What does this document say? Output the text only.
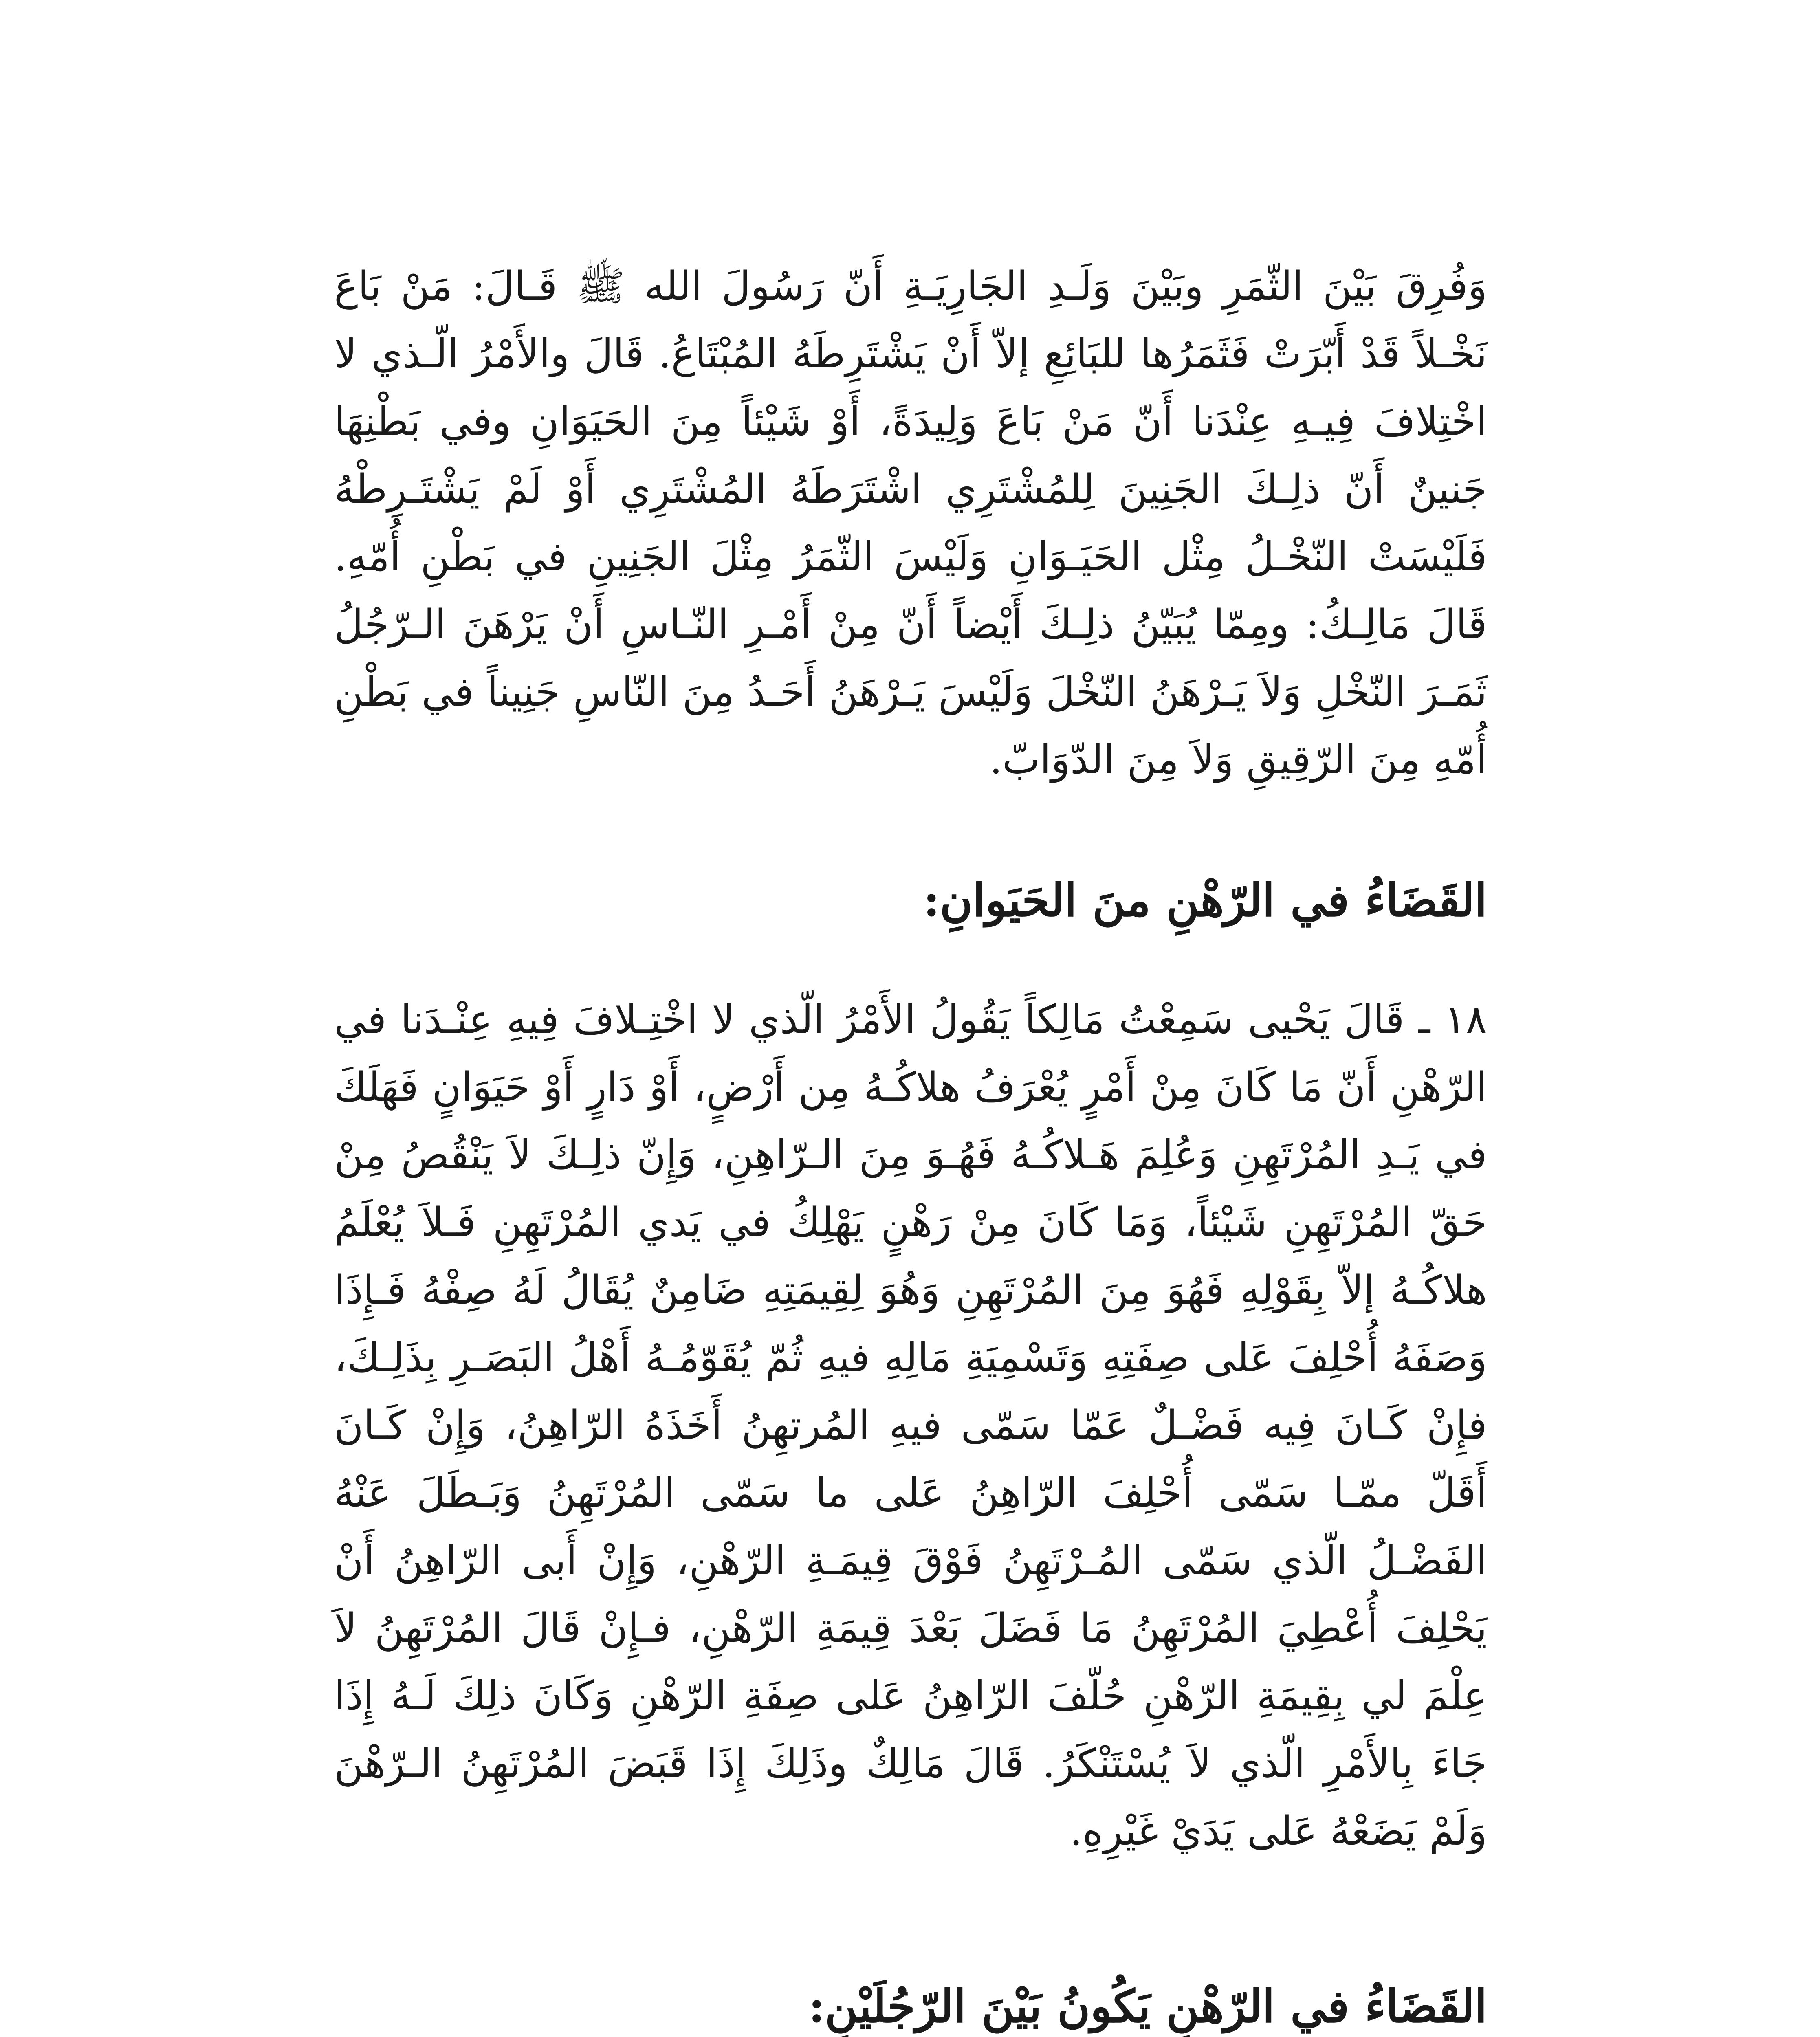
وَفُرِقَ بَيْنَ الثّمَرِ وبَيْنَ وَلَـدِ الجَارِيَـةِ أَنّ رَسُولَ الله ﷺ قَـالَ: مَنْ بَاعَ نَخْـلاً قَدْ أَبّرَتْ فَثَمَرُها للبَائِعِ إلاّ أَنْ يَشْتَرِطَهُ المُبْتَاعُ. قَالَ والأَمْرُ الّـذي لا اخْتِلافَ فِيـهِ عِنْدَنا أَنّ مَنْ بَاعَ وَلِيدَةً، أَوْ شَيْئاً مِنَ الحَيَوَانِ وفي بَطْنِهَا جَنينٌ أَنّ ذلِـكَ الجَنِينَ لِلمُشْتَرِي اشْتَرَطَهُ المُشْتَرِي أَوْ لَمْ يَشْتَـرِطْهُ فَلَيْسَتْ النّخْـلُ مِثْل الحَيَـوَانِ وَلَيْسَ الثّمَرُ مِثْلَ الجَنِينِ في بَطْنِ أُمّهِ. قَالَ مَالِـكُ: ومِمّا يُبَيّنُ ذلِـكَ أَيْضاً أَنّ مِنْ أَمْـرِ النّـاسِ أَنْ يَرْهَنَ الـرّجُلُ ثَمَـرَ النّخْلِ وَلاَ يَـرْهَنُ النّخْلَ وَلَيْسَ يَـرْهَنُ أَحَـدُ مِنَ النّاسِ جَنِيناً في بَطْنِ أُمّهِ مِنَ الرّقِيقِ وَلاَ مِنَ الدّوَابّ.

القَضَاءُ في الرّهْنِ منَ الحَيَوانِ:

١٨ ـ قَالَ يَحْيى سَمِعْتُ مَالِكاً يَقُولُ الأَمْرُ الّذي لا اخْتِـلافَ فِيهِ عِنْـدَنا في الرّهْنِ أَنّ مَا كَانَ مِنْ أَمْرٍ يُعْرَفُ هلاكُـهُ مِن أَرْضٍ، أَوْ دَارٍ أَوْ حَيَوَانٍ فَهَلَكَ في يَـدِ المُرْتَهِنِ وَعُلِمَ هَـلاكُـهُ فَهُـوَ مِنَ الـرّاهِنِ، وَإِنّ ذلِـكَ لاَ يَنْقُصُ مِنْ حَقّ المُرْتَهِنِ شَيْئاً، وَمَا كَانَ مِنْ رَهْنٍ يَهْلِكُ في يَدي المُرْتَهِنِ فَـلاَ يُعْلَمُ هلاكُـهُ إلاّ بِقَوْلِهِ فَهُوَ مِنَ المُرْتَهِنِ وَهُوَ لِقِيمَتِهِ ضَامِنٌ يُقَالُ لَهُ صِفْهُ فَـإِذَا وَصَفَهُ أُحْلِفَ عَلى صِفَتِهِ وَتَسْمِيَةِ مَالِهِ فيهِ ثُمّ يُقَوّمُـهُ أَهْلُ البَصَـرِ بِذَلِـكَ، فإِنْ كَـانَ فِيه فَضْـلٌ عَمّا سَمّى فيهِ المُرتهِنُ أَخَذَهُ الرّاهِنُ، وَإِنْ كَـانَ أَقَلّ ممّـا سَمّى أُحْلِفَ الرّاهِنُ عَلى ما سَمّى المُرْتَهِنُ وَبَـطَلَ عَنْهُ الفَضْـلُ الّذي سَمّى المُـرْتَهِنُ فَوْقَ قِيمَـةِ الرّهْنِ، وَإِنْ أَبى الرّاهِنُ أَنْ يَحْلِفَ أُعْطِيَ المُرْتَهِنُ مَا فَضَلَ بَعْدَ قِيمَةِ الرّهْنِ، فـإِنْ قَالَ المُرْتَهِنُ لاَ عِلْمَ لي بِقِيمَةِ الرّهْنِ حُلّفَ الرّاهِنُ عَلى صِفَةِ الرّهْنِ وَكَانَ ذلِكَ لَـهُ إِذَا جَاءَ بِالأَمْرِ الّذي لاَ يُسْتَنْكَرُ. قَالَ مَالِكٌ وذَلِكَ إِذَا قَبَضَ المُرْتَهِنُ الـرّهْنَ وَلَمْ يَضَعْهُ عَلى يَدَيْ غَيْرِهِ.

القَضَاءُ في الرّهْنِ يَكُونُ بَيْنَ الرّجُلَيْنِ:
